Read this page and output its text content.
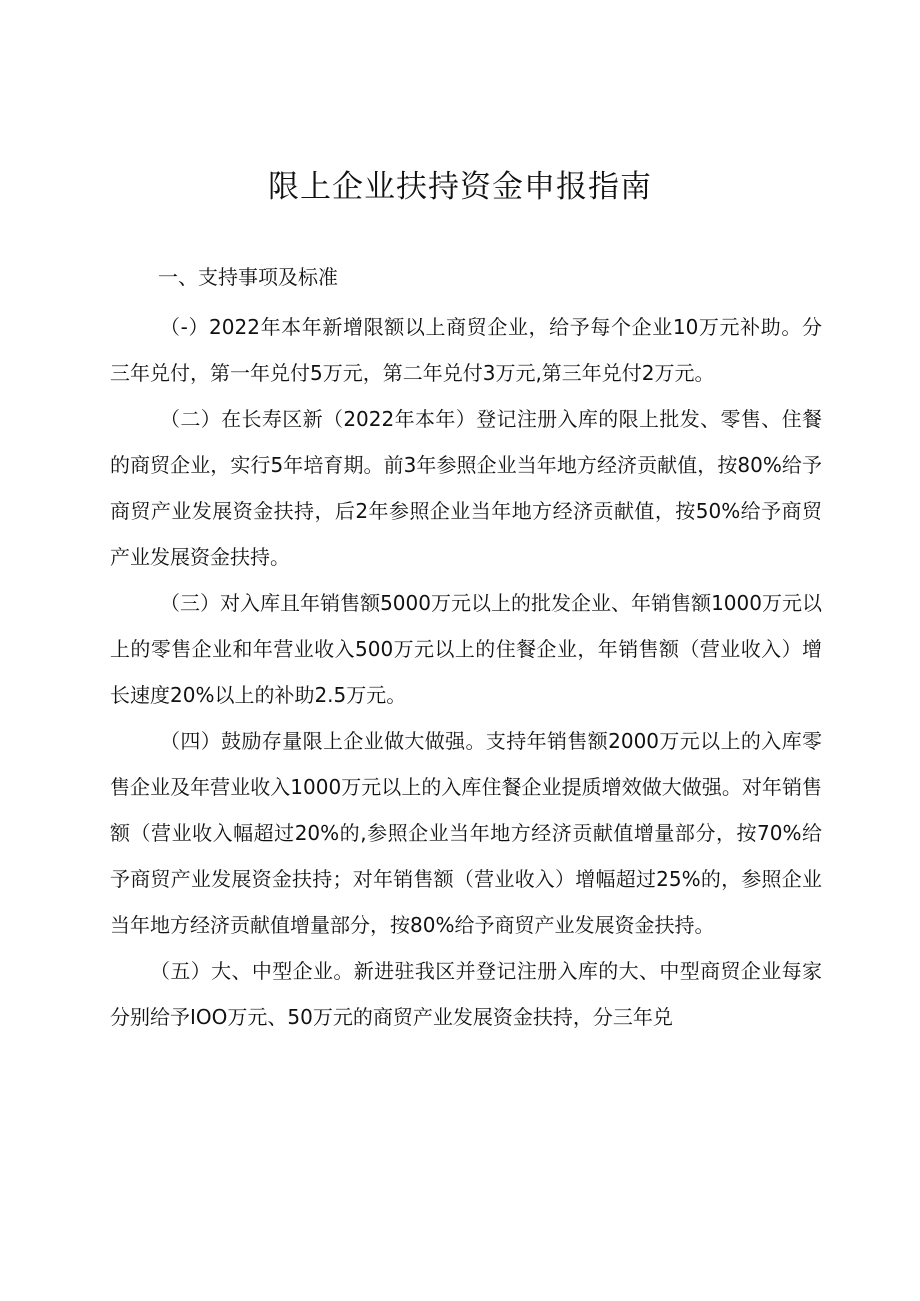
限上企业扶持资金申报指南
一、支持事项及标准

（-）2022年本年新增限额以上商贸企业，给予每个企业10万元补助。分三年兑付，第一年兑付5万元，第二年兑付3万元,第三年兑付2万元。

（二）在长寿区新（2022年本年）登记注册入库的限上批发、零售、住餐的商贸企业，实行5年培育期。前3年参照企业当年地方经济贡献值，按80%给予商贸产业发展资金扶持，后2年参照企业当年地方经济贡献值，按50%给予商贸产业发展资金扶持。

（三）对入库且年销售额5000万元以上的批发企业、年销售额1000万元以上的零售企业和年营业收入500万元以上的住餐企业，年销售额（营业收入）增长速度20%以上的补助2.5万元。

（四）鼓励存量限上企业做大做强。支持年销售额2000万元以上的入库零售企业及年营业收入1000万元以上的入库住餐企业提质增效做大做强。对年销售额（营业收入幅超过20%的,参照企业当年地方经济贡献值增量部分，按70%给予商贸产业发展资金扶持；对年销售额（营业收入）增幅超过25%的，参照企业当年地方经济贡献值增量部分，按80%给予商贸产业发展资金扶持。

（五）大、中型企业。新进驻我区并登记注册入库的大、中型商贸企业每家分别给予IOO万元、50万元的商贸产业发展资金扶持，分三年兑
